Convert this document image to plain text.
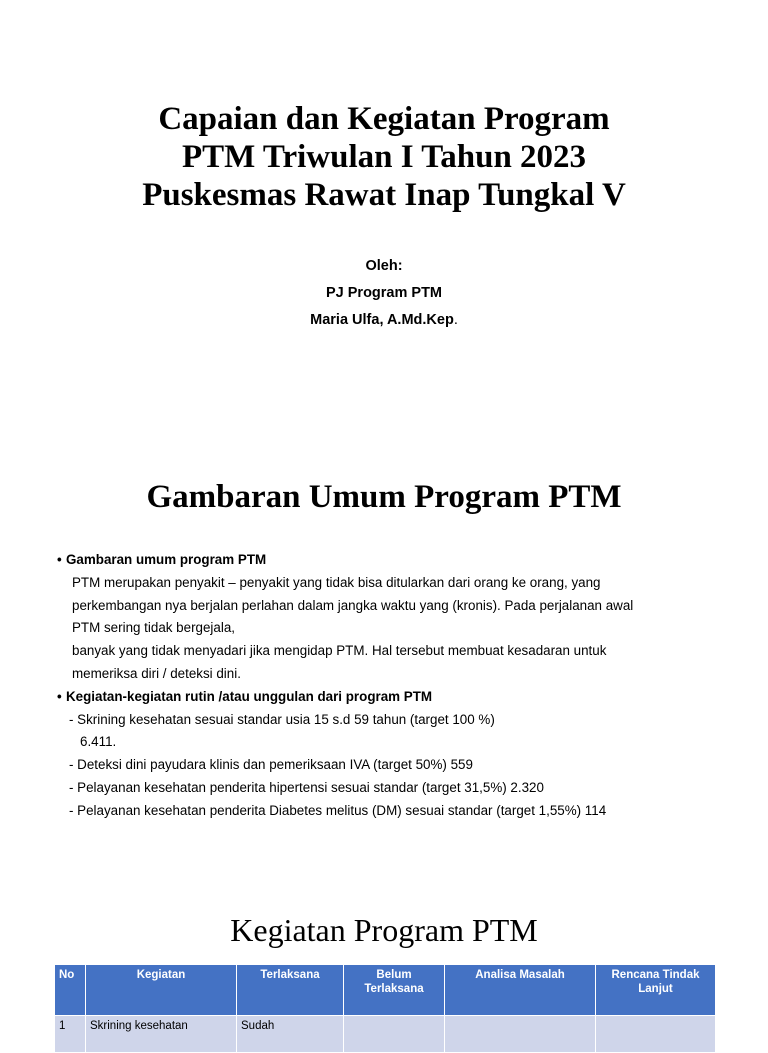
Capaian dan Kegiatan Program
PTM Triwulan I Tahun 2023
Puskesmas Rawat Inap Tungkal V
Oleh:
PJ Program PTM
Maria Ulfa, A.Md.Kep.
Gambaran Umum Program PTM
• Gambaran umum program PTM
PTM merupakan penyakit – penyakit yang tidak bisa ditularkan dari orang ke orang, yang
perkembangan nya berjalan perlahan dalam jangka waktu yang (kronis). Pada perjalanan awal
PTM sering tidak bergejala,
banyak yang tidak menyadari jika mengidap PTM. Hal tersebut membuat kesadaran untuk
memeriksa diri / deteksi dini.
• Kegiatan-kegiatan rutin /atau unggulan dari program PTM
- Skrining kesehatan sesuai standar usia 15 s.d 59 tahun (target 100 %)
6.411.
- Deteksi dini payudara klinis dan pemeriksaan IVA (target 50%) 559
- Pelayanan kesehatan penderita hipertensi sesuai standar (target 31,5%) 2.320
- Pelayanan kesehatan penderita Diabetes melitus (DM) sesuai standar (target 1,55%) 114
Kegiatan Program PTM
No	Kegiatan	Terlaksana	Belum Terlaksana	Analisa Masalah	Rencana Tindak Lanjut
1	Skrining kesehatan	Sudah			
